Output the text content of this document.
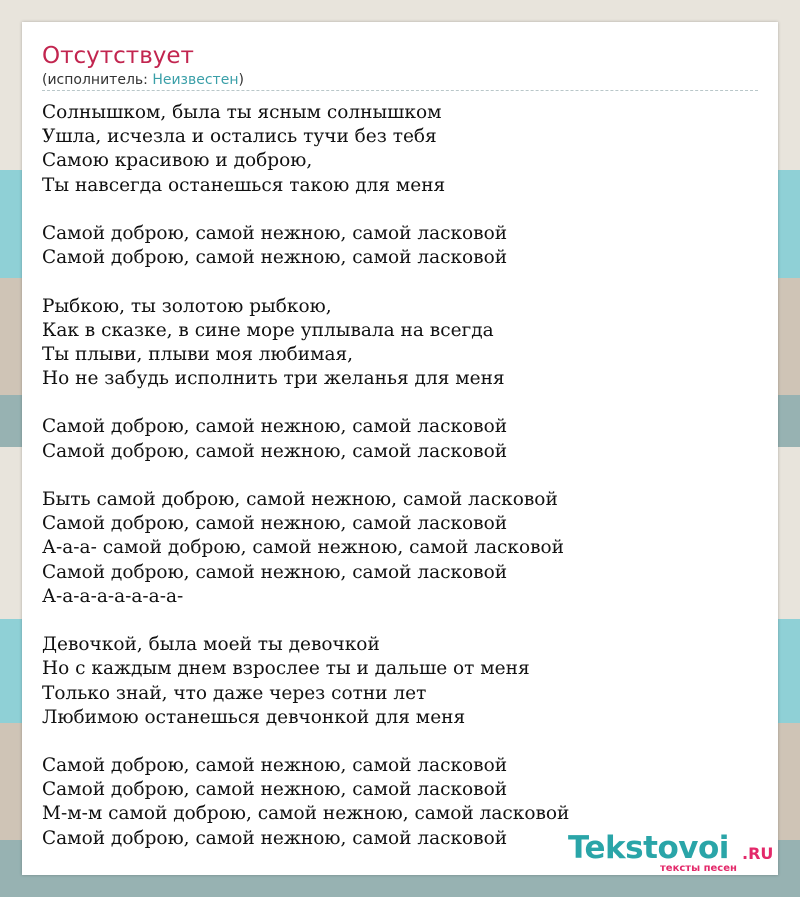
Отсутствует
(исполнитель: Неизвестен)
Солнышком, была ты ясным солнышком
Ушла, исчезла и остались тучи без тебя
Самою красивою и доброю,
Ты навсегда останешься такою для меня
Самой доброю, самой нежною, самой ласковой
Самой доброю, самой нежною, самой ласковой
Рыбкою, ты золотою рыбкою,
Как в сказке, в сине море уплывала на всегда
Ты плыви, плыви моя любимая,
Но не забудь исполнить три желанья для меня
Самой доброю, самой нежною, самой ласковой
Самой доброю, самой нежною, самой ласковой
Быть самой доброю, самой нежною, самой ласковой
Самой доброю, самой нежною, самой ласковой
А-а-а- самой доброю, самой нежною, самой ласковой
Самой доброю, самой нежною, самой ласковой
А-а-а-а-а-а-а-а-
Девочкой, была моей ты девочкой
Но с каждым днем взрослее ты и дальше от меня
Только знай, что даже через сотни лет
Любимою останешься девчонкой для меня
Самой доброю, самой нежною, самой ласковой
Самой доброю, самой нежною, самой ласковой
М-м-м самой доброю, самой нежною, самой ласковой
Самой доброю, самой нежною, самой ласковой	Tekstovoi .RU
тексты песен
